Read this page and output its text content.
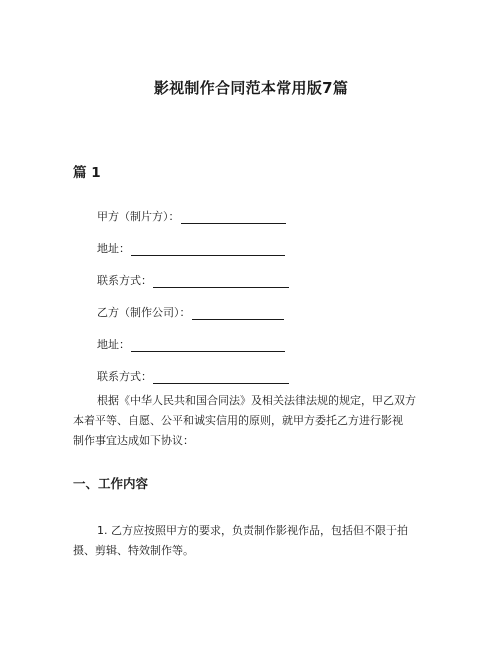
影视制作合同范本常用版7篇
篇 1
甲方（制片方）：
地址：
联系方式：
乙方（制作公司）：
地址：
联系方式：
根据《中华人民共和国合同法》及相关法律法规的规定，甲乙双方
本着平等、自愿、公平和诚实信用的原则，就甲方委托乙方进行影视
制作事宜达成如下协议：
一、工作内容
1. 乙方应按照甲方的要求，负责制作影视作品，包括但不限于拍
摄、剪辑、特效制作等。
